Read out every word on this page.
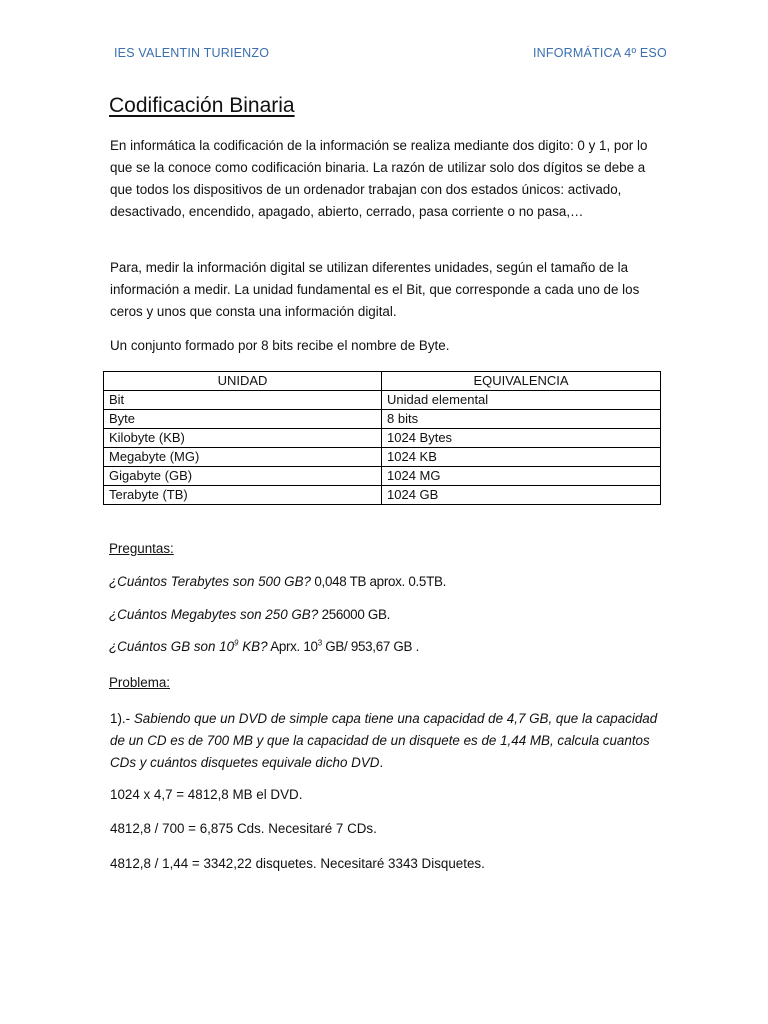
IES VALENTIN TURIENZO	INFORMÁTICA 4º ESO
Codificación Binaria

En informática la codificación de la información se realiza mediante dos digito: 0 y 1, por lo que se la conoce como codificación binaria. La razón de utilizar solo dos dígitos se debe a que todos los dispositivos de un ordenador trabajan con dos estados únicos: activado, desactivado, encendido, apagado, abierto, cerrado, pasa corriente o no pasa,…

Para, medir la información digital se utilizan diferentes unidades, según el tamaño de la información a medir. La unidad fundamental es el Bit, que corresponde a cada uno de los ceros y unos que consta una información digital.

Un conjunto formado por 8 bits recibe el nombre de Byte.

UNIDAD	EQUIVALENCIA
Bit	Unidad elemental
Byte	8 bits
Kilobyte (KB)	1024 Bytes
Megabyte (MG)	1024 KB
Gigabyte (GB)	1024 MG
Terabyte (TB)	1024 GB

Preguntas:

¿Cuántos Terabytes son 500 GB? 0,048 TB aprox. 0.5TB.

¿Cuántos Megabytes son 250 GB? 256000 GB.

¿Cuántos GB son $10^9$ KB? Aprx. $10^3$ GB/ 953,67 GB .

Problema:

1).- Sabiendo que un DVD de simple capa tiene una capacidad de 4,7 GB, que la capacidad de un CD es de 700 MB y que la capacidad de un disquete es de 1,44 MB, calcula cuantos CDs y cuántos disquetes equivale dicho DVD.

1024 x 4,7 = 4812,8 MB el DVD.

4812,8 / 700 = 6,875 Cds. Necesitaré 7 CDs.

4812,8 / 1,44 = 3342,22 disquetes. Necesitaré 3343 Disquetes.
